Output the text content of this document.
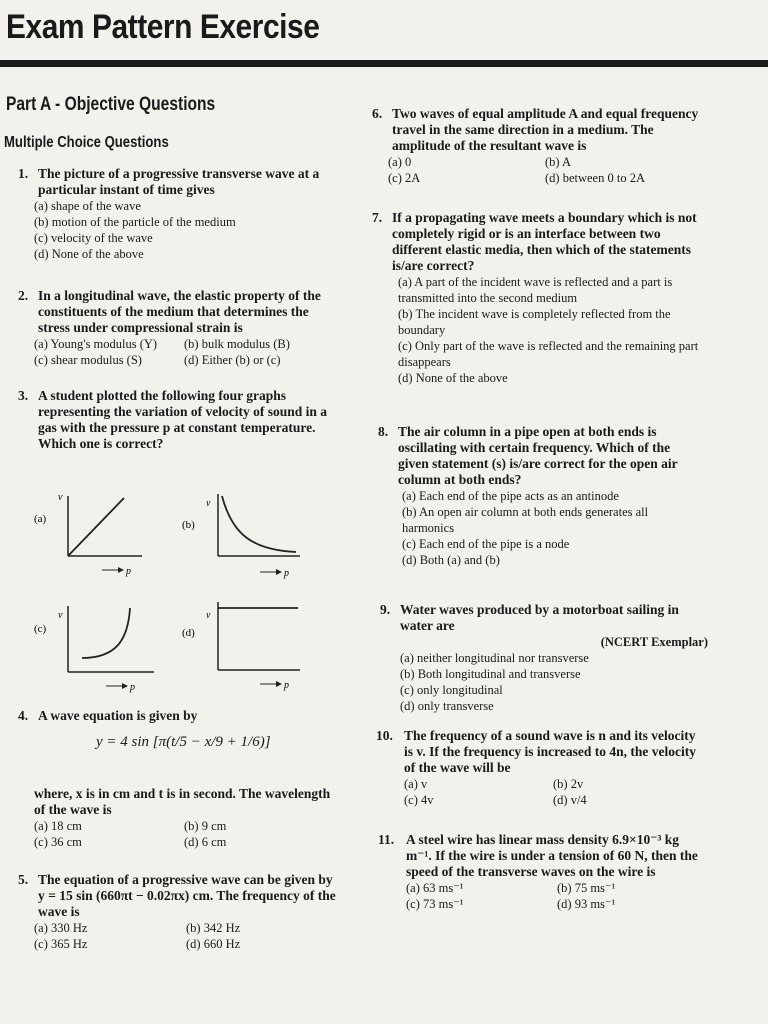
Exam Pattern Exercise
Part A - Objective Questions
Multiple Choice Questions
1. The picture of a progressive transverse wave at a particular instant of time gives
(a) shape of the wave
(b) motion of the particle of the medium
(c) velocity of the wave
(d) None of the above
2. In a longitudinal wave, the elastic property of the constituents of the medium that determines the stress under compressional strain is
(a) Young's modulus (Y)	(b) bulk modulus (B)
(c) shear modulus (S)	(d) Either (b) or (c)
3. A student plotted the following four graphs representing the variation of velocity of sound in a gas with the pressure p at constant temperature. Which one is correct?
(a)
v
p
(b)
v
p
(c)
v
p
(d)
v
p
4. A wave equation is given by
y = 4 sin [π(t/5 − x/9 + 1/6)]
where, x is in cm and t is in second. The wavelength of the wave is
(a) 18 cm	(b) 9 cm
(c) 36 cm	(d) 6 cm
5. The equation of a progressive wave can be given by y = 15 sin (660πt − 0.02πx) cm. The frequency of the wave is
(a) 330 Hz	(b) 342 Hz
(c) 365 Hz	(d) 660 Hz
6. Two waves of equal amplitude A and equal frequency travel in the same direction in a medium. The amplitude of the resultant wave is
(a) 0	(b) A
(c) 2A	(d) between 0 to 2A
7. If a propagating wave meets a boundary which is not completely rigid or is an interface between two different elastic media, then which of the statements is/are correct?
(a) A part of the incident wave is reflected and a part is transmitted into the second medium
(b) The incident wave is completely reflected from the boundary
(c) Only part of the wave is reflected and the remaining part disappears
(d) None of the above
8. The air column in a pipe open at both ends is oscillating with certain frequency. Which of the given statement (s) is/are correct for the open air column at both ends?
(a) Each end of the pipe acts as an antinode
(b) An open air column at both ends generates all harmonics
(c) Each end of the pipe is a node
(d) Both (a) and (b)
9. Water waves produced by a motorboat sailing in water are
(NCERT Exemplar)
(a) neither longitudinal nor transverse
(b) Both longitudinal and transverse
(c) only longitudinal
(d) only transverse
10. The frequency of a sound wave is n and its velocity is v. If the frequency is increased to 4n, the velocity of the wave will be
(a) v	(b) 2v
(c) 4v	(d) v/4
11. A steel wire has linear mass density 6.9×10⁻³ kg m⁻¹. If the wire is under a tension of 60 N, then the speed of the transverse waves on the wire is
(a) 63 ms⁻¹	(b) 75 ms⁻¹
(c) 73 ms⁻¹	(d) 93 ms⁻¹
